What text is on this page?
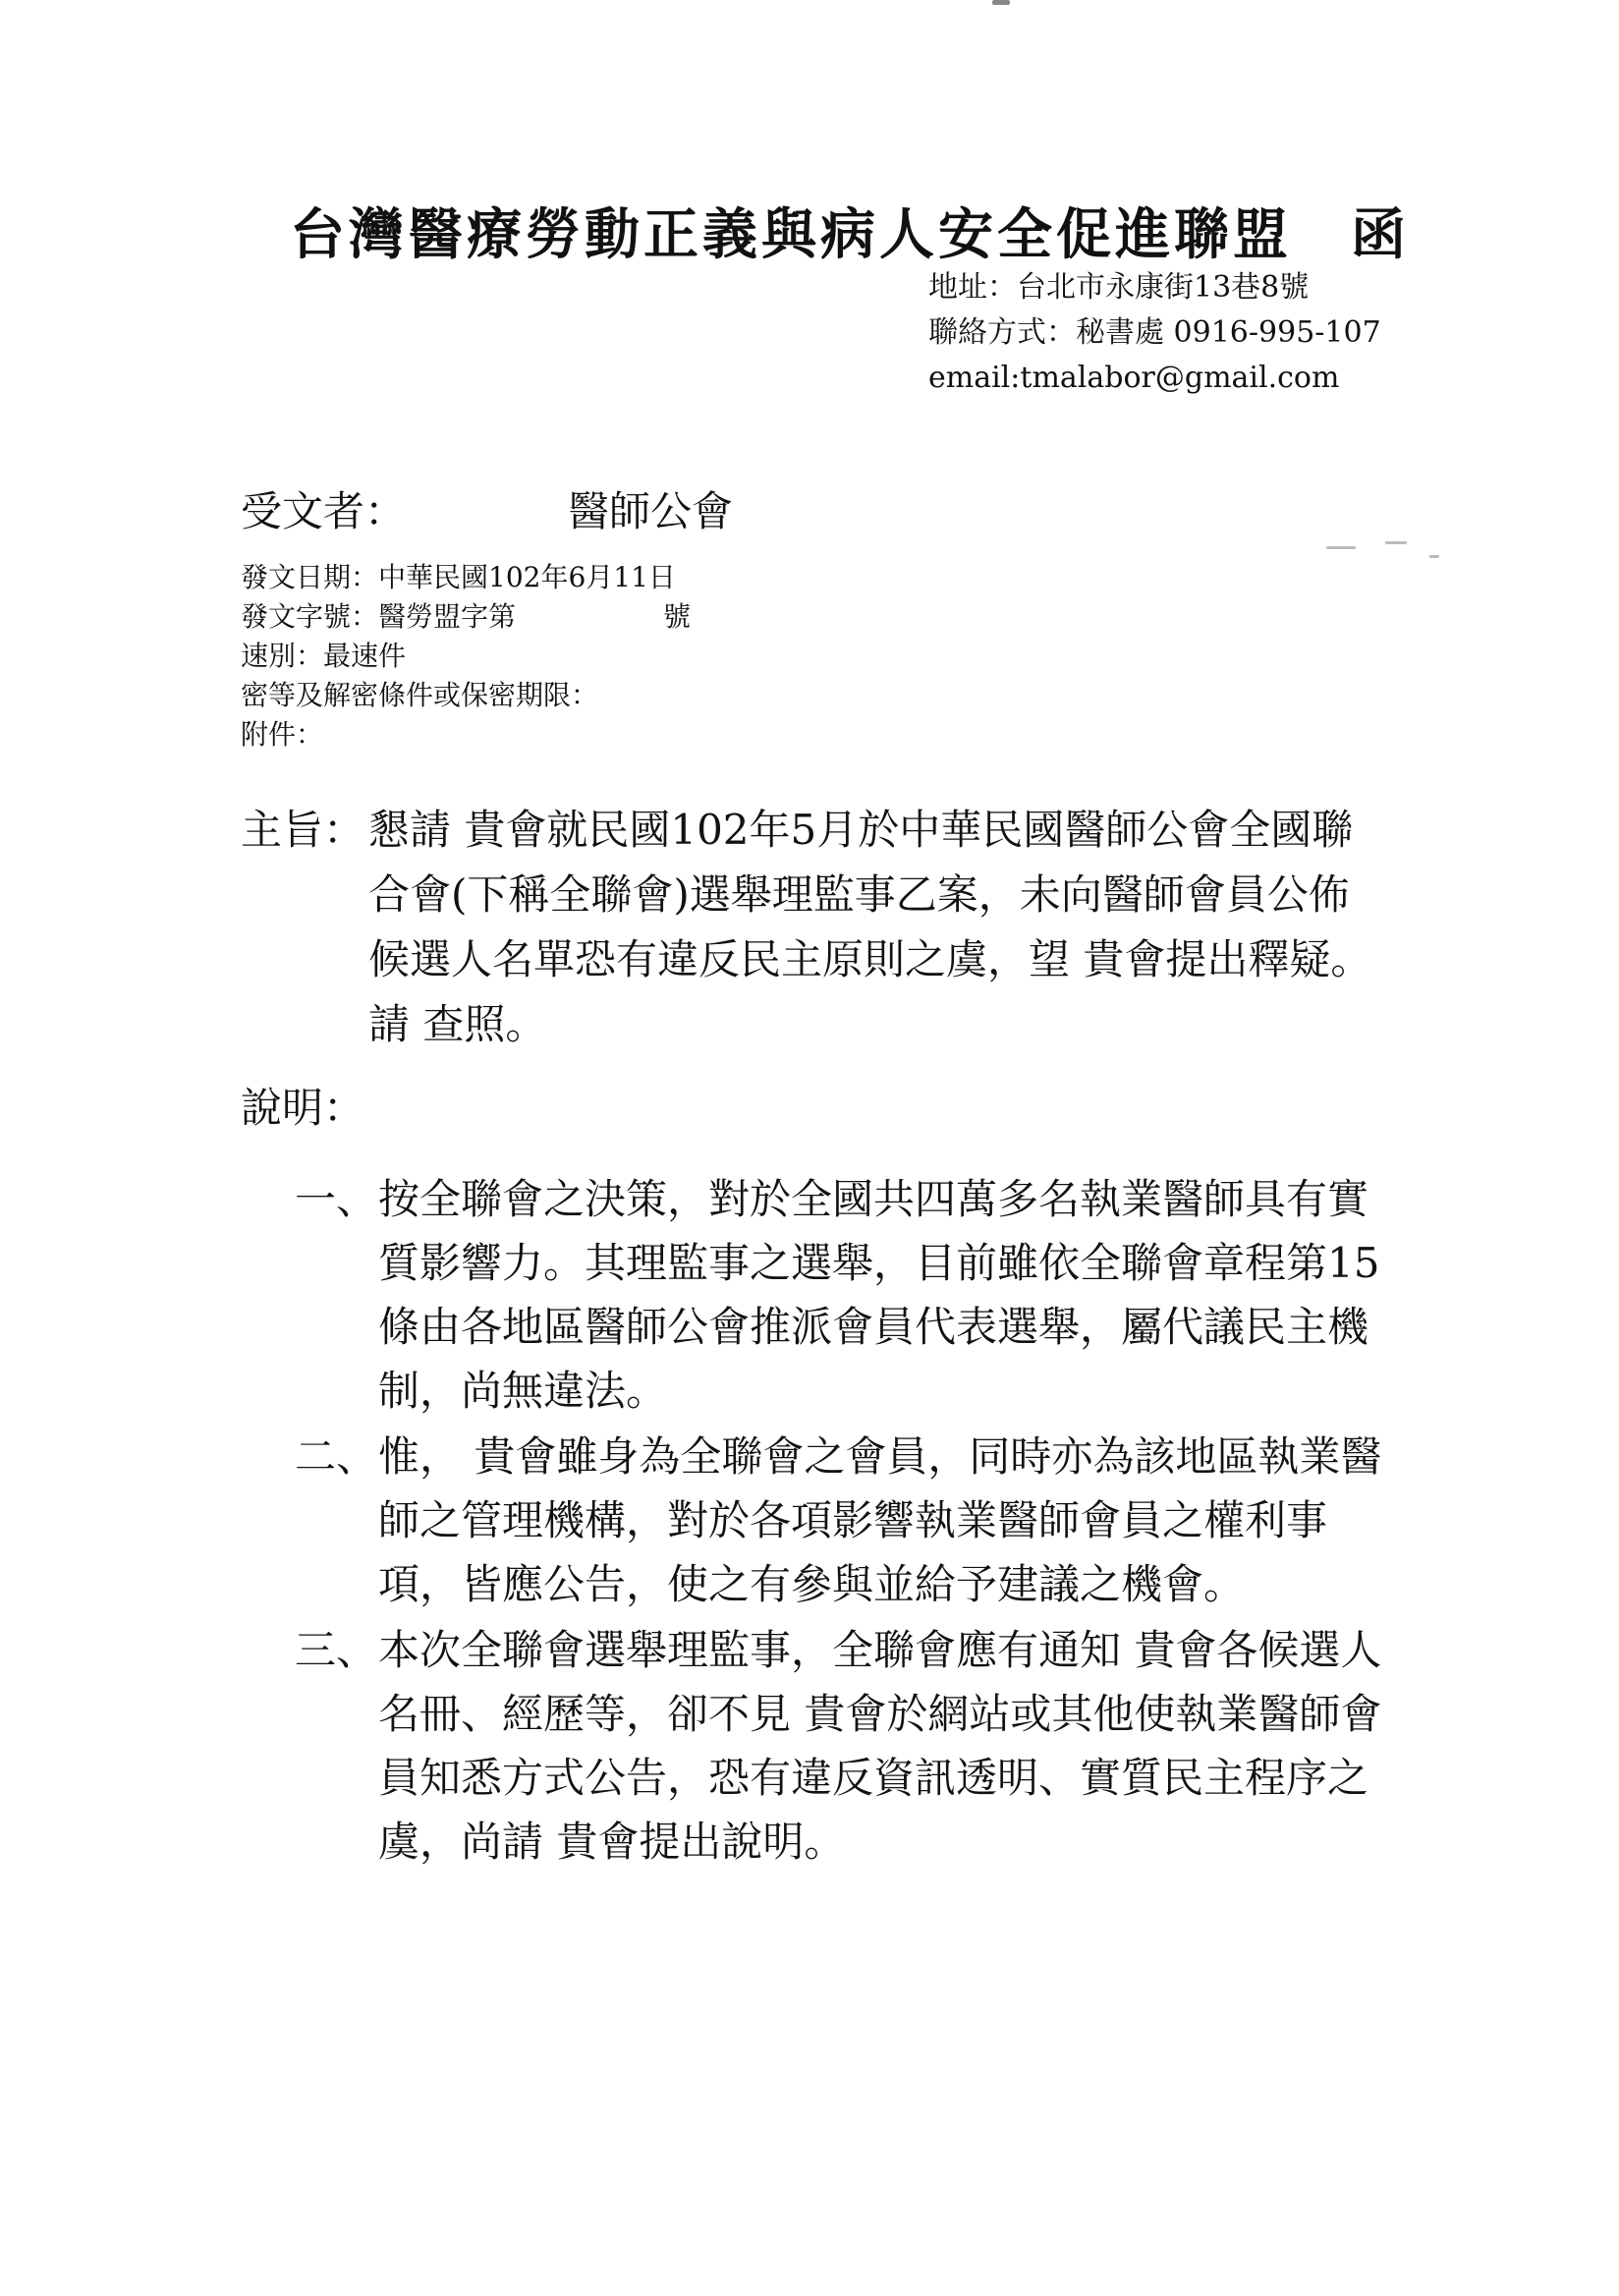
台灣醫療勞動正義與病人安全促進聯盟 函
地址：台北市永康街13巷8號
聯絡方式：秘書處 0916-995-107
email:tmalabor@gmail.com
受文者：	醫師公會
發文日期：中華民國102年6月11日
發文字號：醫勞盟字第	號
速別：最速件
密等及解密條件或保密期限：
附件：
主旨： 懇請 貴會就民國102年5月於中華民國醫師公會全國聯合會(下稱全聯會)選舉理監事乙案，未向醫師會員公佈候選人名單恐有違反民主原則之虞，望 貴會提出釋疑。請 查照。
說明：
一、 按全聯會之決策，對於全國共四萬多名執業醫師具有實質影響力。其理監事之選舉，目前雖依全聯會章程第15條由各地區醫師公會推派會員代表選舉，屬代議民主機制，尚無違法。
二、 惟， 貴會雖身為全聯會之會員，同時亦為該地區執業醫師之管理機構，對於各項影響執業醫師會員之權利事項，皆應公告，使之有參與並給予建議之機會。
三、 本次全聯會選舉理監事，全聯會應有通知 貴會各候選人名冊、經歷等，卻不見 貴會於網站或其他使執業醫師會員知悉方式公告，恐有違反資訊透明、實質民主程序之虞，尚請 貴會提出說明。
